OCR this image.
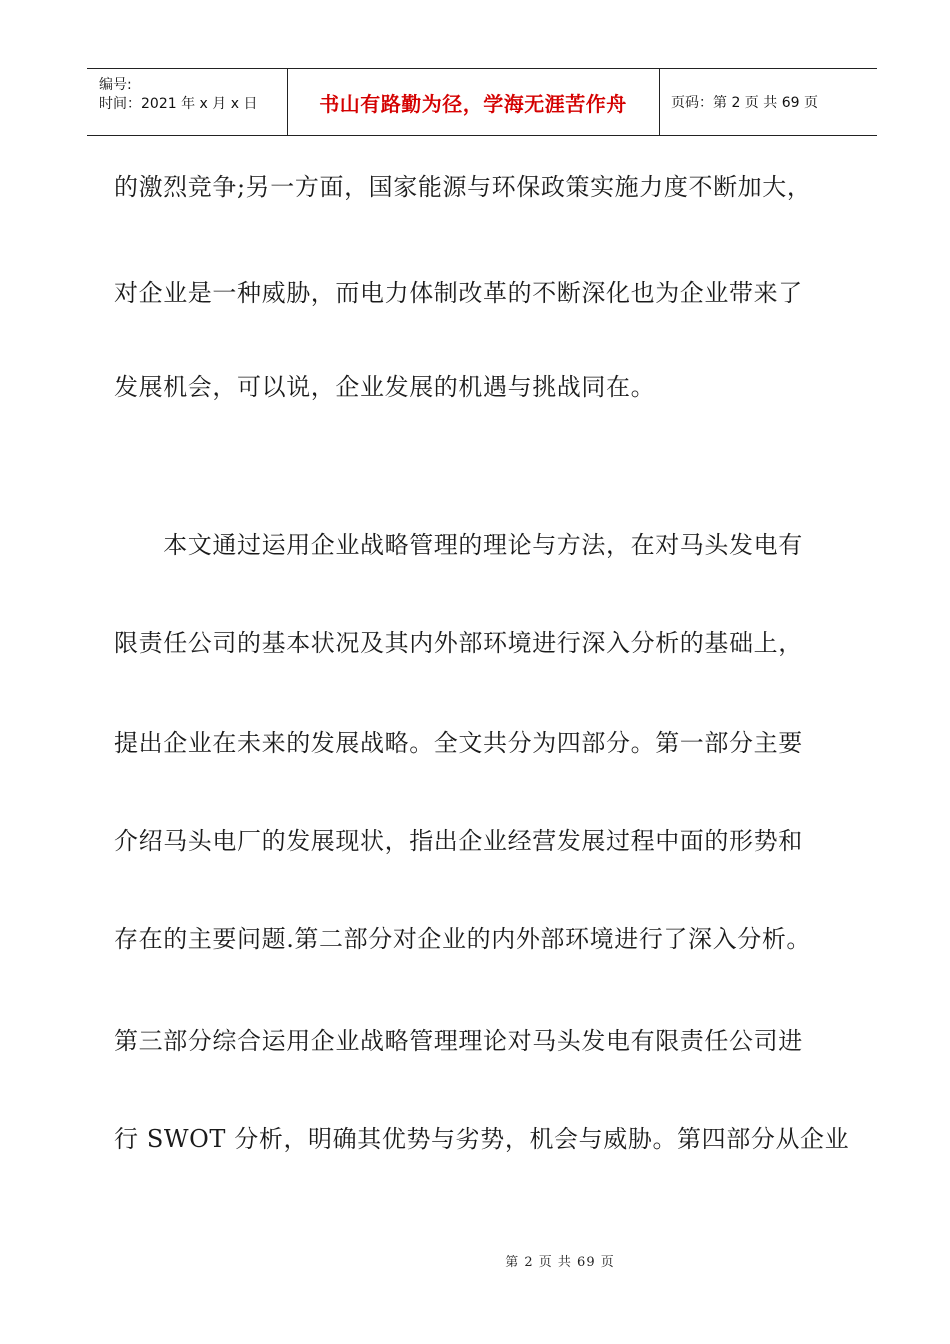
编号:
时间：2021 年 x 月 x 日	书山有路勤为径，学海无涯苦作舟	页码：第 2 页 共 69 页
的激烈竞争;另一方面，国家能源与环保政策实施力度不断加大，
对企业是一种威胁，而电力体制改革的不断深化也为企业带来了
发展机会，可以说，企业发展的机遇与挑战同在。
　　本文通过运用企业战略管理的理论与方法，在对马头发电有
限责任公司的基本状况及其内外部环境进行深入分析的基础上，
提出企业在未来的发展战略。全文共分为四部分。第一部分主要
介绍马头电厂的发展现状，指出企业经营发展过程中面的形势和
存在的主要问题.第二部分对企业的内外部环境进行了深入分析。
第三部分综合运用企业战略管理理论对马头发电有限责任公司进
行 SWOT 分析，明确其优势与劣势，机会与威胁。第四部分从企业
第 2 页 共 69 页
